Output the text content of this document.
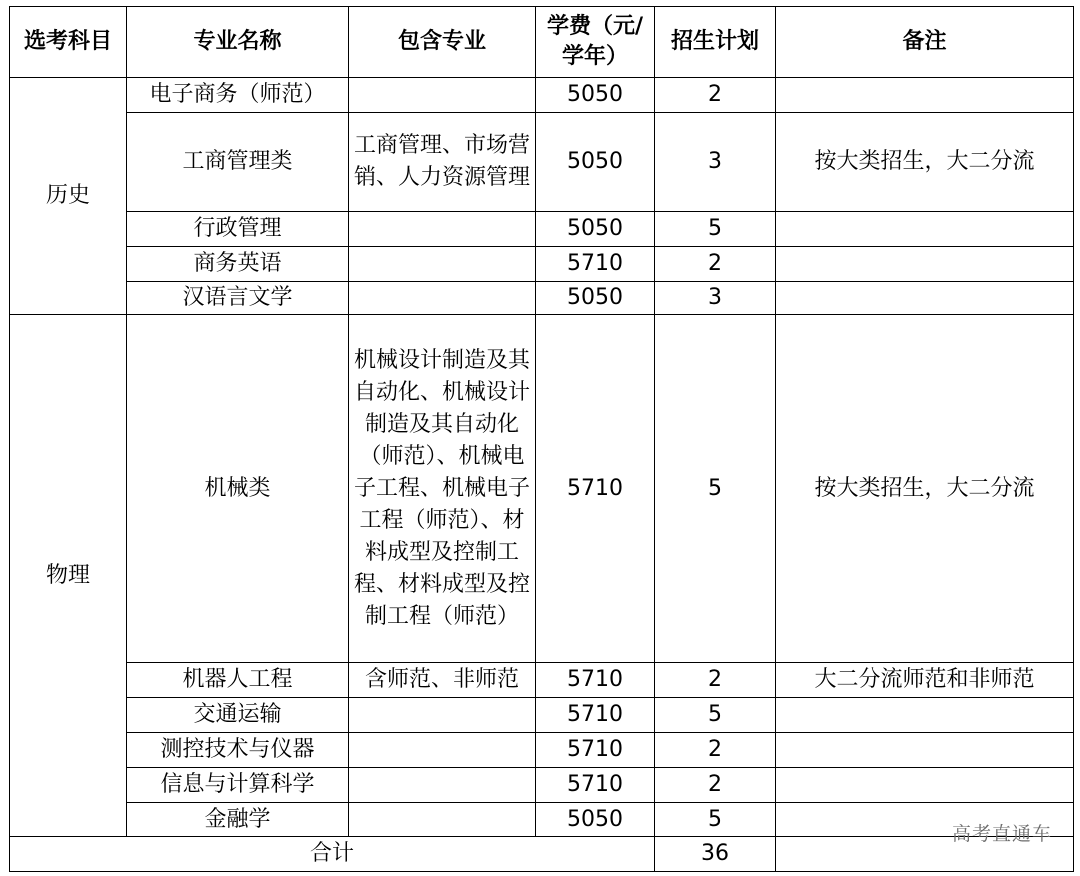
选考科目	专业名称	包含专业	学费（元/学年）	招生计划	备注
历史	电子商务（师范）		5050	2	
	工商管理类	工商管理、市场营销、人力资源管理	5050	3	按大类招生，大二分流
	行政管理		5050	5	
	商务英语		5710	2	
	汉语言文学		5050	3	
物理	机械类	机械设计制造及其自动化、机械设计制造及其自动化（师范）、机械电子工程、机械电子工程（师范）、材料成型及控制工程、材料成型及控制工程（师范）	5710	5	按大类招生，大二分流
	机器人工程	含师范、非师范	5710	2	大二分流师范和非师范
	交通运输		5710	5	
	测控技术与仪器		5710	2	
	信息与计算科学		5710	2	
	金融学		5050	5	
合计				36	
高考直通车
